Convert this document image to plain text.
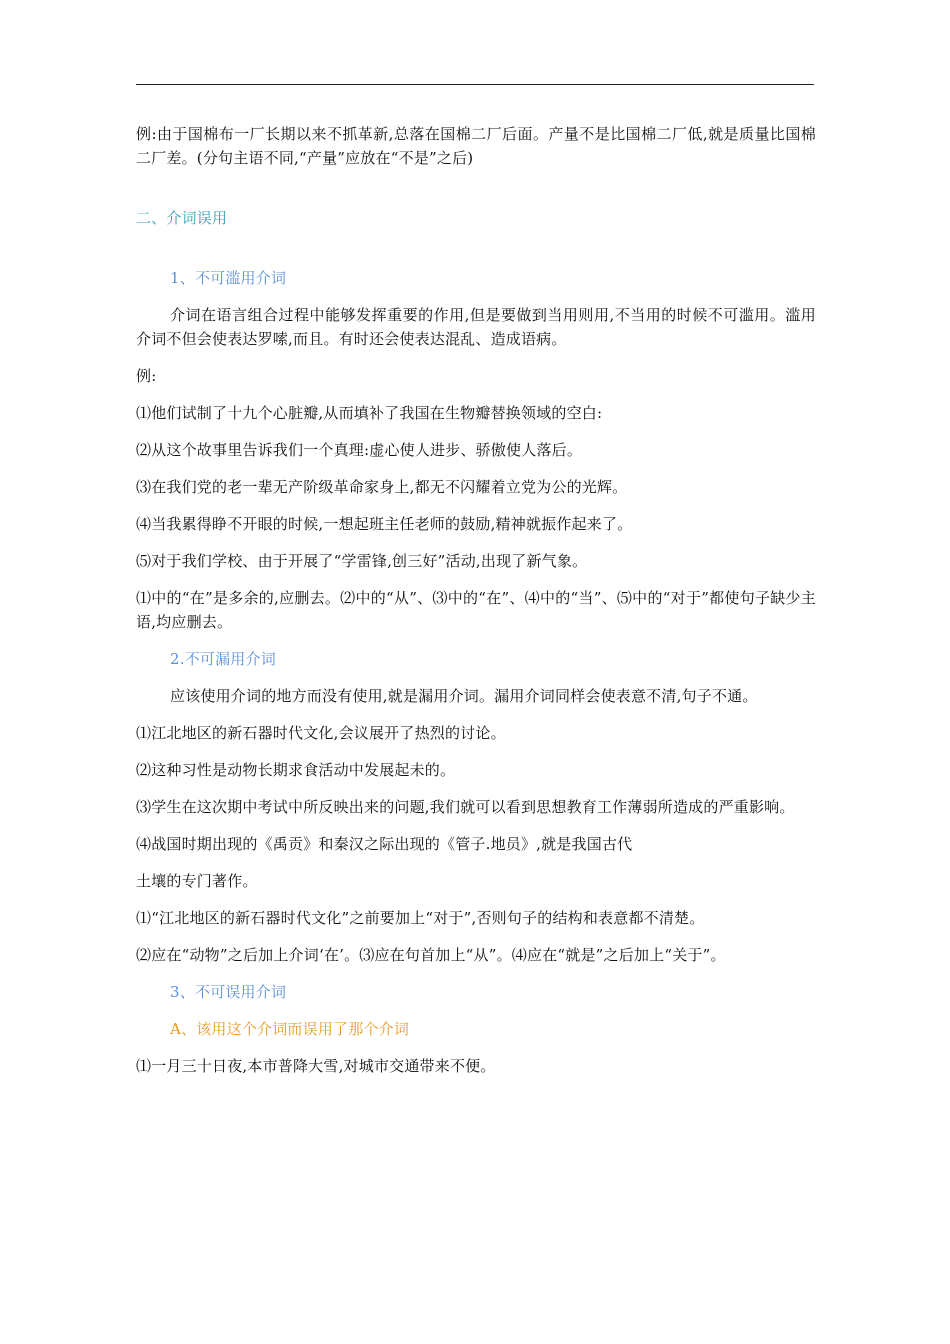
例:由于国棉布一厂长期以来不抓革新,总落在国棉二厂后面。产量不是比国棉二厂低,就是质量比国棉二厂差。(分句主语不同,“产量”应放在“不是”之后)

二、介词误用

1、不可滥用介词

介词在语言组合过程中能够发挥重要的作用,但是要做到当用则用,不当用的时候不可滥用。滥用介词不但会使表达罗嗦,而且。有时还会使表达混乱、造成语病。

例:

⑴他们试制了十九个心脏瓣,从而填补了我国在生物瓣替换领域的空白:

⑵从这个故事里告诉我们一个真理:虚心使人进步、骄傲使人落后。

⑶在我们党的老一辈无产阶级革命家身上,都无不闪耀着立党为公的光辉。

⑷当我累得睁不开眼的时候,一想起班主任老师的鼓励,精神就振作起来了。

⑸对于我们学校、由于开展了“学雷锋,创三好”活动,出现了新气象。

⑴中的“在”是多余的,应删去。⑵中的“从”、⑶中的“在”、⑷中的“当”、⑸中的“对于”都使句子缺少主语,均应删去。

2.不可漏用介词

应该使用介词的地方而没有使用,就是漏用介词。漏用介词同样会使表意不清,句子不通。

⑴江北地区的新石器时代文化,会议展开了热烈的讨论。

⑵这种习性是动物长期求食活动中发展起未的。

⑶学生在这次期中考试中所反映出来的问题,我们就可以看到思想教育工作薄弱所造成的严重影响。

⑷战国时期出现的《禹贡》和秦汉之际出现的《管子.地员》,就是我国古代

土壤的专门著作。

⑴“江北地区的新石器时代文化”之前要加上“对于”,否则句子的结构和表意都不清楚。

⑵应在“动物”之后加上介词‘在’。⑶应在句首加上“从”。⑷应在“就是”之后加上“关于”。

3、不可误用介词

A、该用这个介词而误用了那个介词

⑴一月三十日夜,本市普降大雪,对城市交通带来不便。
